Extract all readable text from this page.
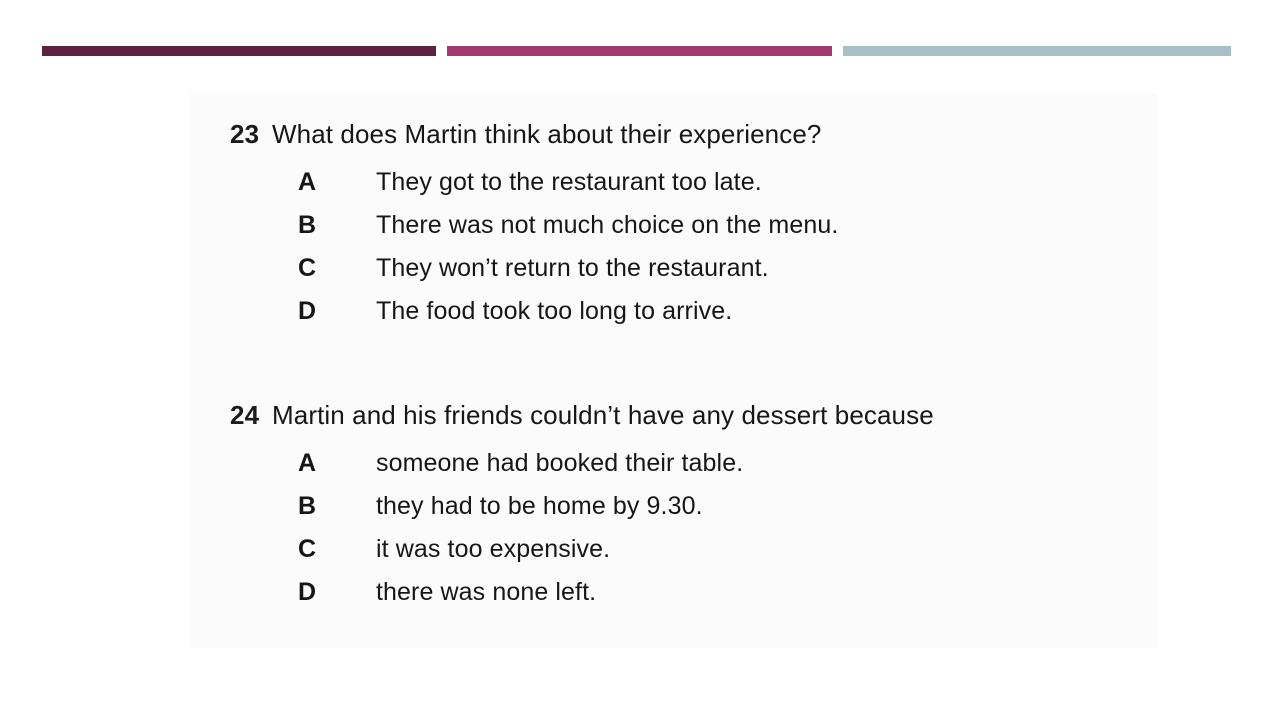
23 What does Martin think about their experience?
A	They got to the restaurant too late.
B	There was not much choice on the menu.
C	They won’t return to the restaurant.
D	The food took too long to arrive.
24 Martin and his friends couldn’t have any dessert because
A	someone had booked their table.
B	they had to be home by 9.30.
C	it was too expensive.
D	there was none left.
